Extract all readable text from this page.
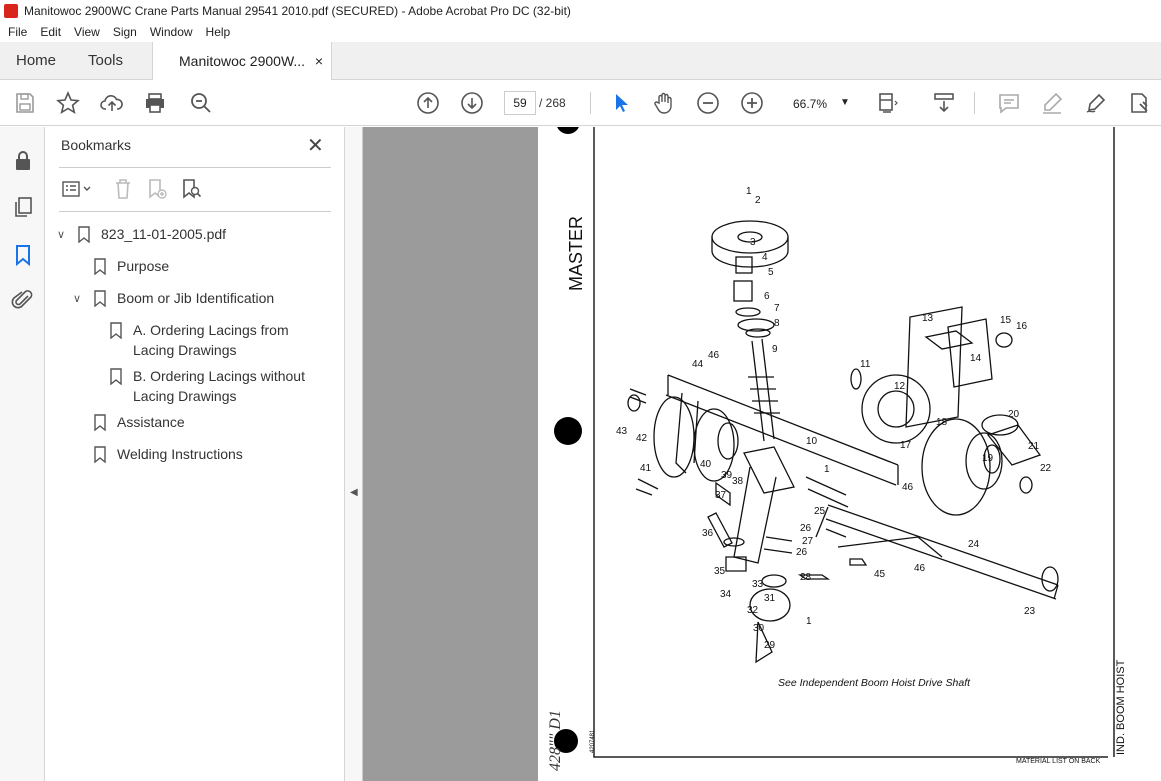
Manitowoc 2900WC Crane Parts Manual 29541 2010.pdf (SECURED) - Adobe Acrobat Pro DC (32-bit)
File Edit View Sign Window Help
Home Tools	Manitowoc 2900W... ×
59	/ 268	66.7%	▼
Bookmarks	✕
∨	823_11-01-2005.pdf
Purpose
∨	Boom or Jib Identification
A. Ordering Lacings from
Lacing Drawings
B. Ordering Lacings without
Lacing Drawings
Assistance
Welding Instructions
◀
MASTER
428"" D1	4207481	IND. BOOM HOIST
MATERIAL LIST ON BACK
See Independent Boom Hoist Drive Shaft
1
2
3
4
5
6
7
8
9
10
11
12
13
14
15
16
17
18
19
20
21
22
23
24
25
26
26
27
28
29
30
31
32
33
34
35
36
37
38
39
40
41
42
43
44
45
46
46
46
1
1
